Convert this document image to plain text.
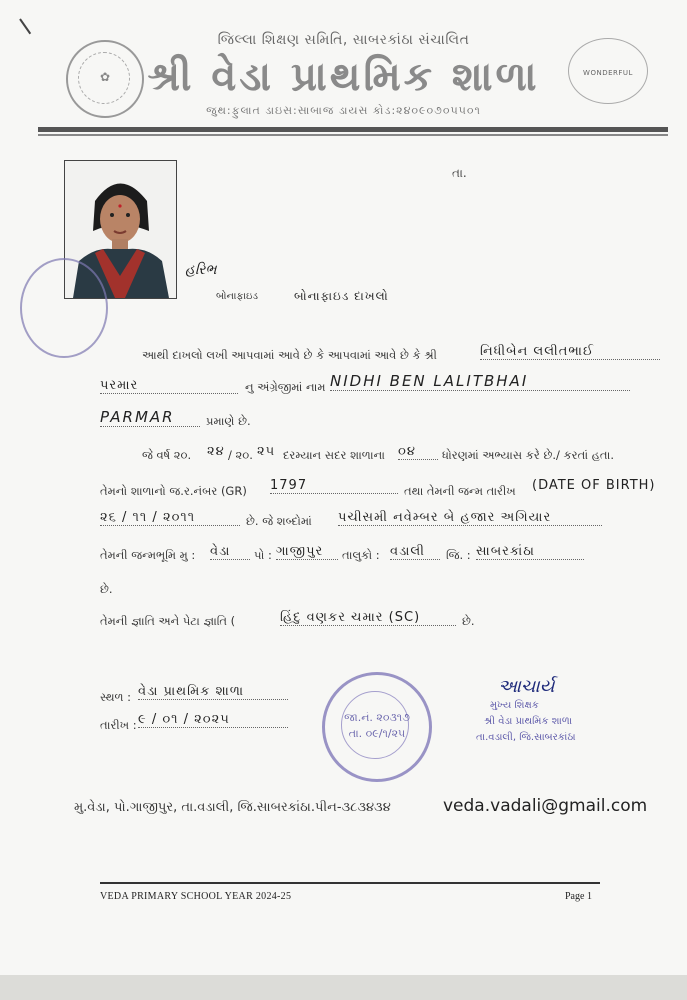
✿	WONDERFUL
જિલ્લા શિક્ષણ સમિતિ, સાબરકાંઠા સંચાલિત
શ્રી વેડા પ્રાથમિક શાળા
જુથ:ફુલાત ડાઇસ:સાબાજ ડાયસ કોડ:૨૪૦૯૦૭૦૫૫૦૧
તા.
હરિભ
બોનાફાઇડ	બોનાફાઇડ દાખલો
આથી દાખલો લખી આપવામાં આવે છે કે આપવામાં આવે છે કે શ્રી	નિધીબેન લલીતભાઈ
પરમાર	નુ અંગ્રેજીમાં નામ NIDHI BEN LALITBHAI
PARMAR	પ્રમાણે છે.
જે વર્ષ ૨૦. ૨૪ / ૨૦. ૨૫ દરમ્યાન સદર શાળાના ૦૪	ધોરણમાં અભ્યાસ કરે છે./ કરતાં હતા.
તેમનો શાળાનો જ.ર.નંબર (GR) 1797	તથા તેમની જન્મ તારીખ (DATE OF BIRTH)
૨૬ / ૧૧ / ૨૦૧૧	છે. જે શબ્દોમાં પચીસમી નવેમ્બર બે હજાર અગિયાર
તેમની જન્મભૂમિ મુ : વેડા	પો : ગાજીપુર	તાલુકો : વડાલી	જિ. : સાબરકાંઠા
છે.
તેમની જ્ઞાતિ અને પેટા જ્ઞાતિ (	હિંદુ વણકર ચમાર (SC)	છે.
સ્થળ : વેડા પ્રાથમિક શાળા
તારીખ : ૯ / ૦૧ / ૨૦૨૫	જા.નં. ૨૦૩૧૭
તા. ૦૯/૧/૨૫
આચાર્ય
મુખ્ય શિક્ષક
શ્રી વેડા પ્રાથમિક શાળા
તા.વડાલી, જિ.સાબરકાંઠા
મુ.વેડા, પો.ગાજીપુર, તા.વડાલી, જિ.સાબરકાંઠા.પીન-૩૮૩૪૩૪	veda.vadali@gmail.com
VEDA PRIMARY SCHOOL YEAR 2024-25	Page 1
